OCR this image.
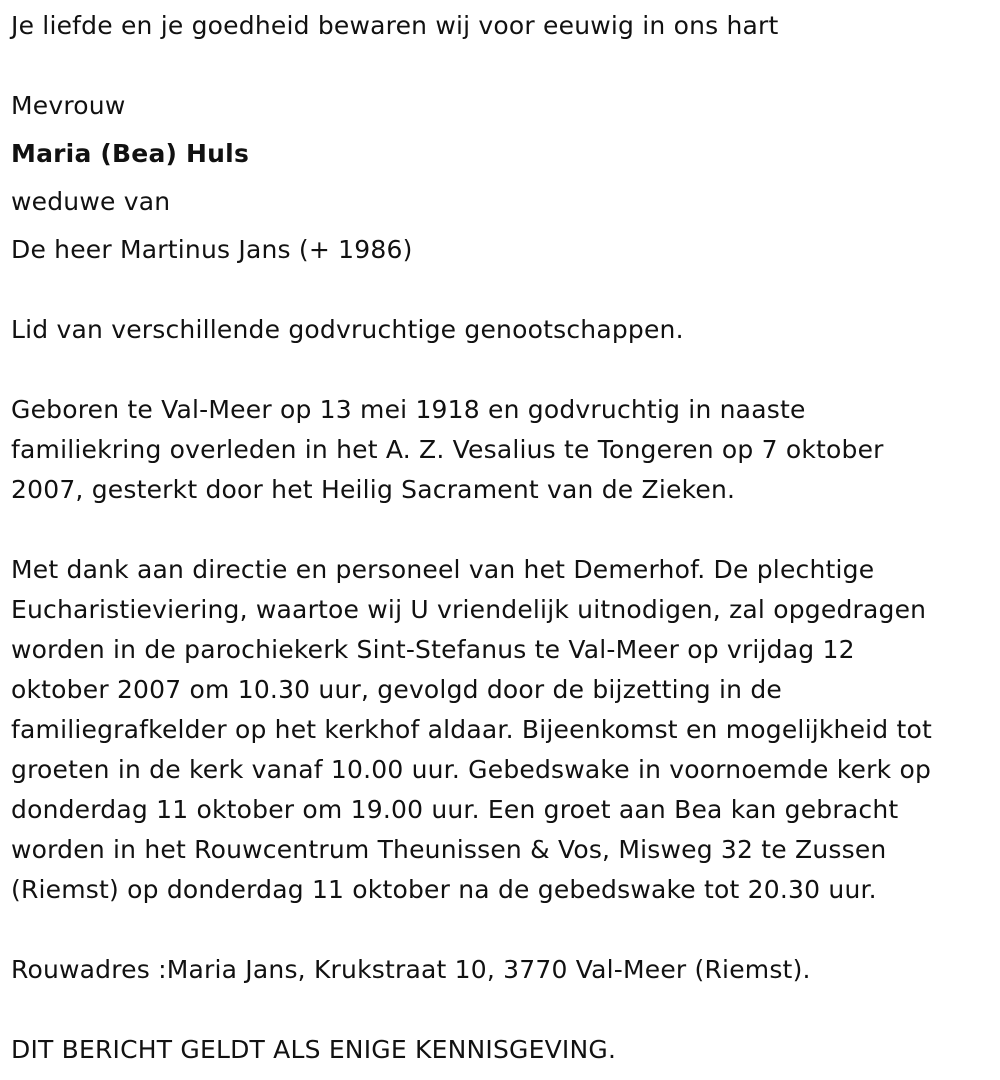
Je liefde en je goedheid bewaren wij voor eeuwig in ons hart
Mevrouw
Maria (Bea) Huls
weduwe van
De heer Martinus Jans (+ 1986)
Lid van verschillende godvruchtige genootschappen.
Geboren te Val-Meer op 13 mei 1918 en godvruchtig in naaste
familiekring overleden in het A. Z. Vesalius te Tongeren op 7 oktober
2007, gesterkt door het Heilig Sacrament van de Zieken.
Met dank aan directie en personeel van het Demerhof. De plechtige
Eucharistieviering, waartoe wij U vriendelijk uitnodigen, zal opgedragen
worden in de parochiekerk Sint-Stefanus te Val-Meer op vrijdag 12
oktober 2007 om 10.30 uur, gevolgd door de bijzetting in de
familiegrafkelder op het kerkhof aldaar. Bijeenkomst en mogelijkheid tot
groeten in de kerk vanaf 10.00 uur. Gebedswake in voornoemde kerk op
donderdag 11 oktober om 19.00 uur. Een groet aan Bea kan gebracht
worden in het Rouwcentrum Theunissen & Vos, Misweg 32 te Zussen
(Riemst) op donderdag 11 oktober na de gebedswake tot 20.30 uur.
Rouwadres :Maria Jans, Krukstraat 10, 3770 Val-Meer (Riemst).
DIT BERICHT GELDT ALS ENIGE KENNISGEVING.
